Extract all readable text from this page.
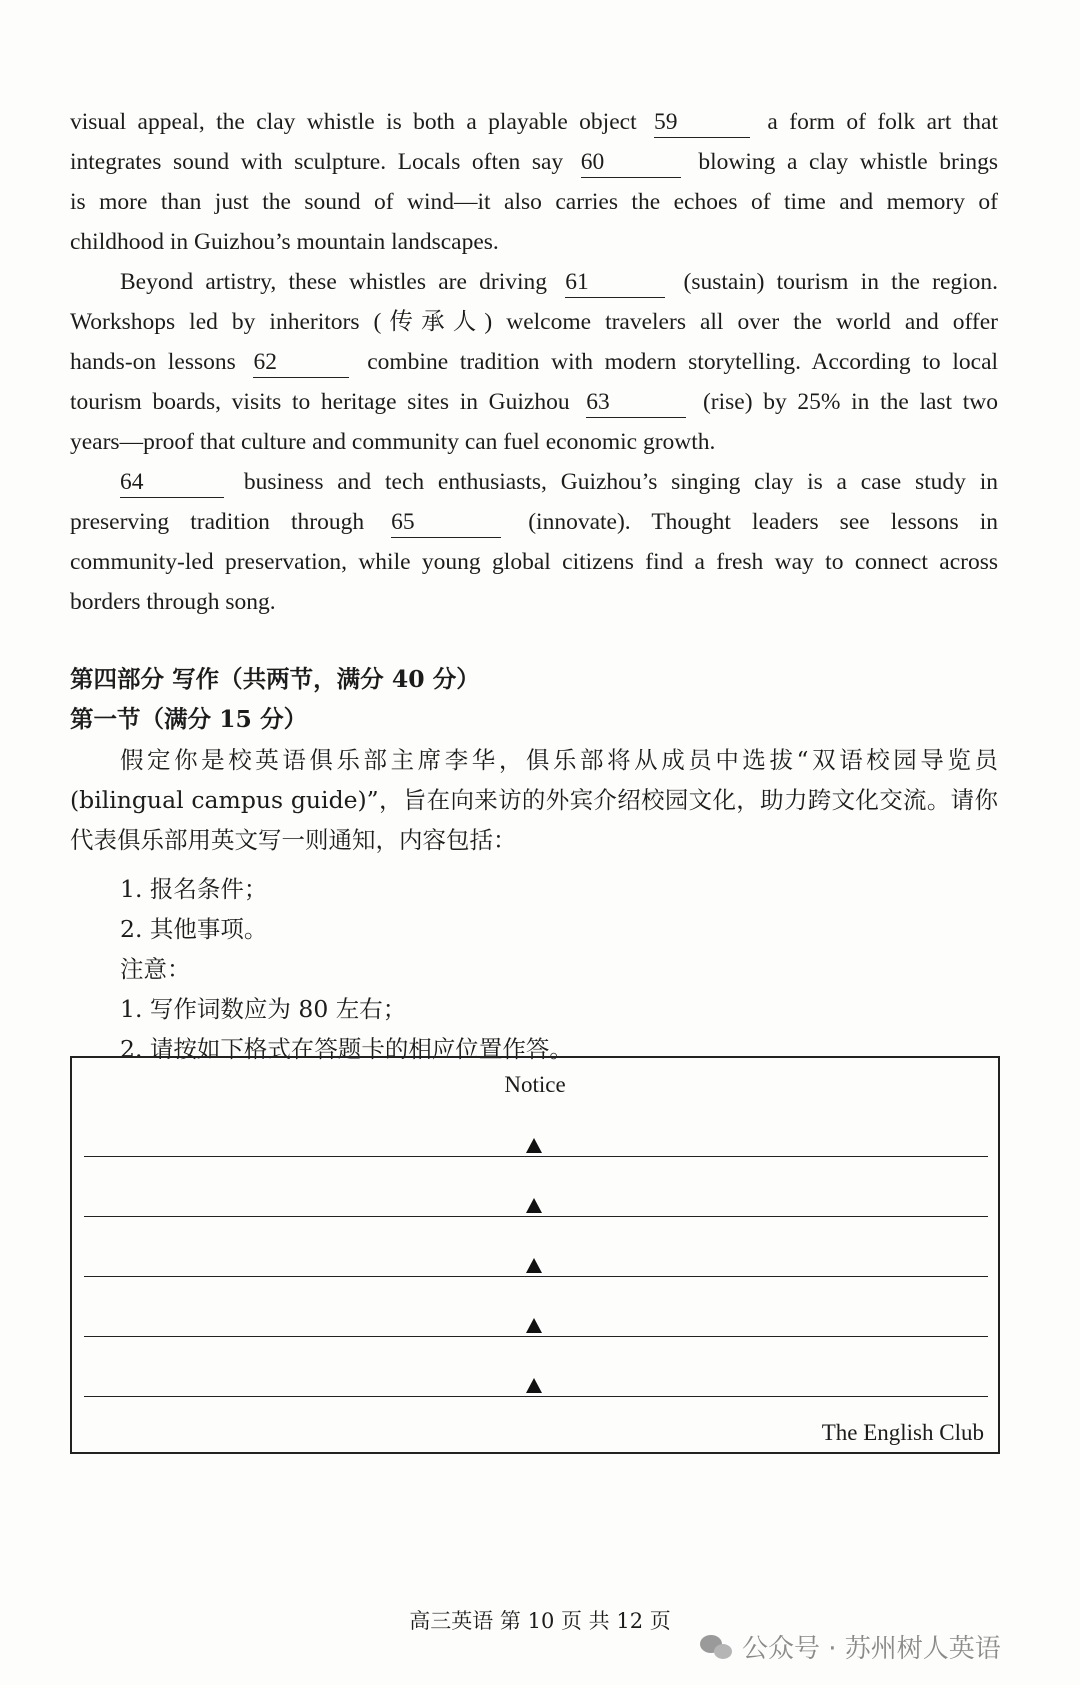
visual appeal, the clay whistle is both a playable object 59	a form of folk art that
integrates sound with sculpture. Locals often say 60	blowing a clay whistle brings
is more than just the sound of wind—it also carries the echoes of time and memory of
childhood in Guizhou’s mountain landscapes.
Beyond artistry, these whistles are driving 61	(sustain) tourism in the region.
Workshops led by inheritors (传承人) welcome travelers all over the world and offer
hands-on lessons 62	combine tradition with modern storytelling. According to local
tourism boards, visits to heritage sites in Guizhou 63	(rise) by 25% in the last two
years—proof that culture and community can fuel economic growth.
64	business and tech enthusiasts, Guizhou’s singing clay is a case study in
preserving tradition through 65	(innovate). Thought leaders see lessons in
community-led preservation, while young global citizens find a fresh way to connect across
borders through song.
第四部分 写作（共两节，满分 40 分）
第一节（满分 15 分）
假定你是校英语俱乐部主席李华，俱乐部将从成员中选拔“双语校园导览员
(bilingual campus guide)”，旨在向来访的外宾介绍校园文化，助力跨文化交流。请你
代表俱乐部用英文写一则通知，内容包括：
1. 报名条件；
2. 其他事项。
注意：
1. 写作词数应为 80 左右；
2. 请按如下格式在答题卡的相应位置作答。
Notice
The English Club
高三英语 第 10 页 共 12 页
公众号 · 苏州树人英语
